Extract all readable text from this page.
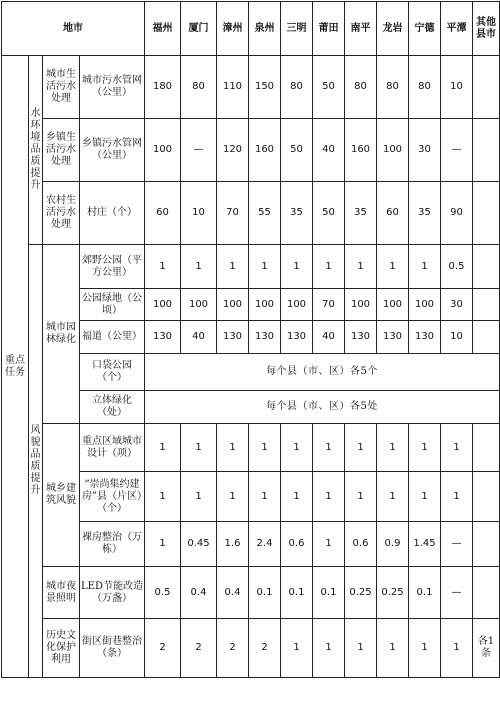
地市				福州	厦门	漳州	泉州	三明	莆田	南平	龙岩	宁德	平潭	其他县市
重点任务	水环境品质提升	城市生活污水处理	城市污水管网（公里）	180	80	110	150	80	50	80	80	80	10	
		乡镇生活污水处理	乡镇污水管网（公里）	100	—	120	160	50	40	160	100	30	—	
		农村生活污水处理	村庄（个）	60	10	70	55	35	50	35	60	35	90	
	风貌品质提升	城市园林绿化	郊野公园（平方公里）	1	1	1	1	1	1	1	1	1	0.5	
			公园绿地（公顷）	100	100	100	100	100	70	100	100	100	30	
			福道（公里）	130	40	130	130	130	40	130	130	130	10	
			口袋公园（个）	每个县（市、区）各5个										
			立体绿化（处）	每个县（市、区）各5处										
		城乡建筑风貌	重点区域城市设计（项）	1	1	1	1	1	1	1	1	1	1	
			“崇尚集约建房”县（片区）（个）	1	1	1	1	1	1	1	1	1	1	
			裸房整治（万栋）	1	0.45	1.6	2.4	0.6	1	0.6	0.9	1.45	—	
		城市夜景照明	LED节能改造（万盏）	0.5	0.4	0.4	0.1	0.1	0.1	0.25	0.25	0.1	—	
		历史文化保护利用	街区街巷整治（条）	2	2	2	2	1	1	1	1	1	1	各1条
